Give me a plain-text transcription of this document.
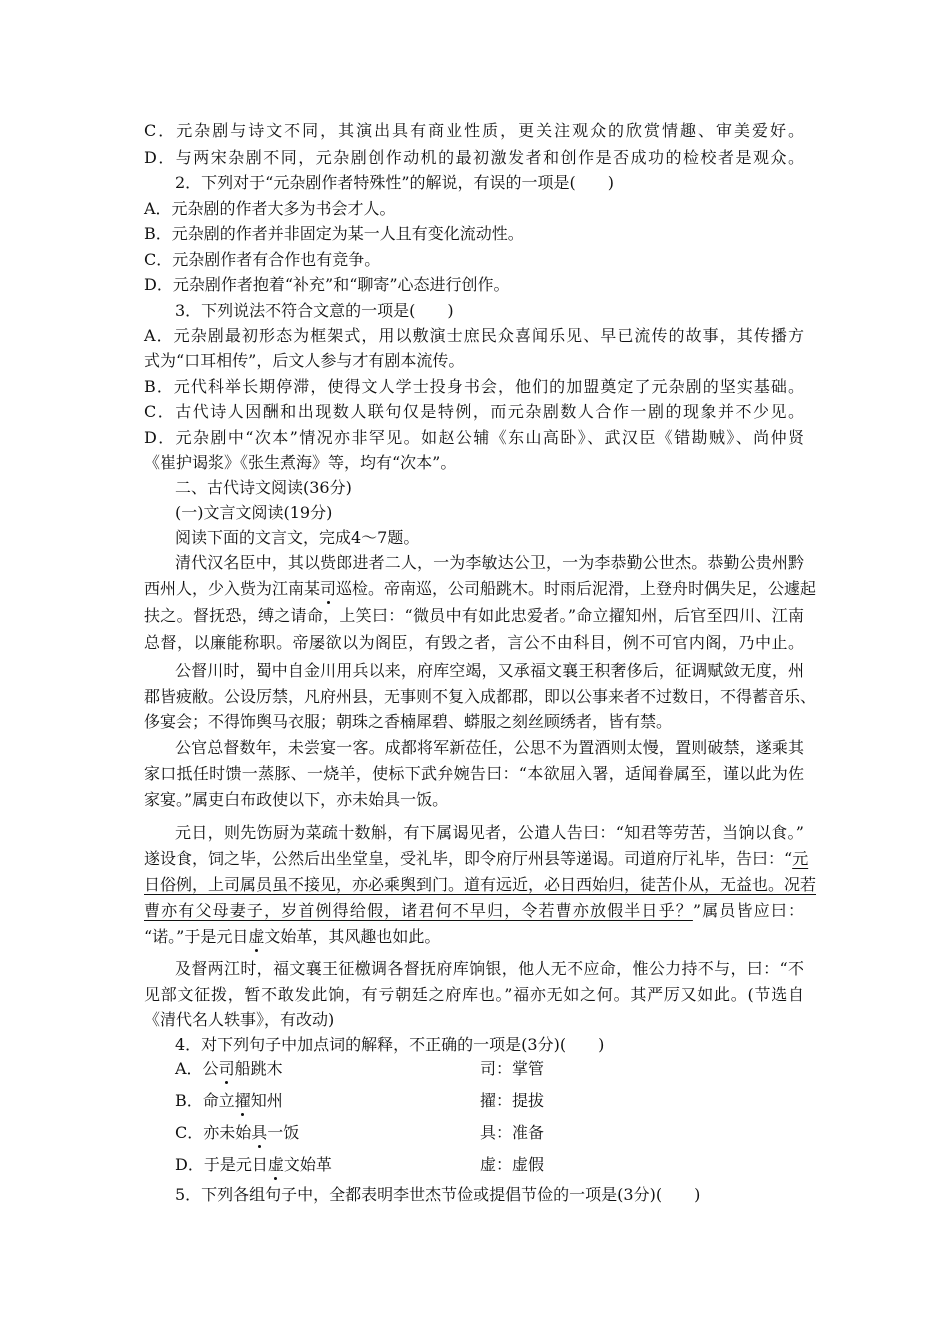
C．元杂剧与诗文不同，其演出具有商业性质，更关注观众的欣赏情趣、审美爱好。
D．与两宋杂剧不同，元杂剧创作动机的最初激发者和创作是否成功的检校者是观众。
2．下列对于“元杂剧作者特殊性”的解说，有误的一项是(　　)
A．元杂剧的作者大多为书会才人。
B．元杂剧的作者并非固定为某一人且有变化流动性。
C．元杂剧作者有合作也有竞争。
D．元杂剧作者抱着“补充”和“聊寄”心态进行创作。
3．下列说法不符合文意的一项是(　　)
A．元杂剧最初形态为框架式，用以敷演士庶民众喜闻乐见、早已流传的故事，其传播方
式为“口耳相传”，后文人参与才有剧本流传。
B．元代科举长期停滞，使得文人学士投身书会，他们的加盟奠定了元杂剧的坚实基础。
C．古代诗人因酬和出现数人联句仅是特例，而元杂剧数人合作一剧的现象并不少见。
D．元杂剧中“次本”情况亦非罕见。如赵公辅《东山高卧》、武汉臣《错勘贼》、尚仲贤
《崔护谒浆》《张生煮海》等，均有“次本”。
二、古代诗文阅读(36分)
(一)文言文阅读(19分)
阅读下面的文言文，完成4～7题。
清代汉名臣中，其以赀郎进者二人，一为李敏达公卫，一为李恭勤公世杰。恭勤公贵州黔
西州人，少入赀为江南某司巡检。帝南巡，公司船跳木。时雨后泥滑，上登舟时偶失足，公遽起
扶之。督抚恐，缚之请命，上笑曰：“微员中有如此忠爱者。”命立擢知州，后官至四川、江南
总督，以廉能称职。帝屡欲以为阁臣，有毁之者，言公不由科目，例不可官内阁，乃中止。
公督川时，蜀中自金川用兵以来，府库空竭，又承福文襄王积奢侈后，征调赋敛无度，州
郡皆疲敝。公设厉禁，凡府州县，无事则不复入成都郡，即以公事来者不过数日，不得蓄音乐、
侈宴会；不得饰舆马衣服；朝珠之香楠犀碧、蟒服之刻丝顾绣者，皆有禁。
公官总督数年，未尝宴一客。成都将军新莅任，公思不为置酒则太慢，置则破禁，遂乘其
家口抵任时馈一蒸豚、一烧羊，使标下武弁婉告曰：“本欲屈入署，适闻眷属至，谨以此为佐
家宴。”属吏白布政使以下，亦未始具一饭。
元日，则先饬厨为菜疏十数斛，有下属谒见者，公遣人告曰：“知君等劳苦，当饷以食。”
遂设食，饲之毕，公然后出坐堂皇，受礼毕，即令府厅州县等递谒。司道府厅礼毕，告曰：“元
日俗例，上司属员虽不接见，亦必乘舆到门。道有远近，必日西始归，徒苦仆从，无益也。况若
曹亦有父母妻子，岁首例得给假，诸君何不早归，令若曹亦放假半日乎？”属员皆应曰：
“诺。”于是元日虚文始革，其风趣也如此。
及督两江时，福文襄王征檄调各督抚府库饷银，他人无不应命，惟公力持不与，曰：“不
见部文征拨，暂不敢发此饷，有亏朝廷之府库也。”福亦无如之何。其严厉又如此。(节选自
《清代名人轶事》，有改动)
4．对下列句子中加点词的解释，不正确的一项是(3分)(　　)
A．公司船跳木	司：掌管
B．命立擢知州	擢：提拔
C．亦未始具一饭	具：准备
D．于是元日虚文始革	虚：虚假
5．下列各组句子中，全都表明李世杰节俭或提倡节俭的一项是(3分)(　　)
